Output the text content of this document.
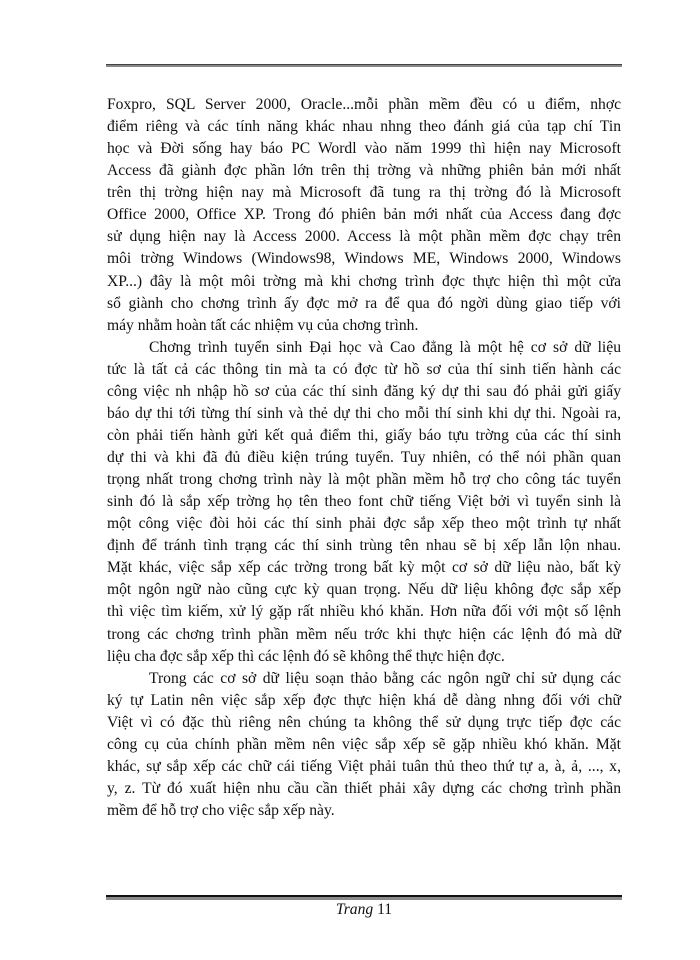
Foxpro, SQL Server 2000, Oracle...mỗi phần mềm đều có u điểm, nhợc
điểm riêng và các tính năng khác nhau nhng theo đánh giá của tạp chí Tin
học và Đời sống hay báo PC Wordl vào năm 1999 thì hiện nay Microsoft
Access đã giành đợc phần lớn trên thị trờng và những phiên bản mới nhất
trên thị trờng hiện nay mà Microsoft đã tung ra thị trờng đó là Microsoft
Office 2000, Office XP. Trong đó phiên bản mới nhất của Access đang đợc
sử dụng hiện nay là Access 2000. Access là một phần mềm đợc chạy trên
môi trờng Windows (Windows98, Windows ME, Windows 2000, Windows
XP...) đây là một môi trờng mà khi chơng trình đợc thực hiện thì một cửa
sổ giành cho chơng trình ấy đợc mở ra để qua đó ngời dùng giao tiếp với
máy nhằm hoàn tất các nhiệm vụ của chơng trình.
Chơng trình tuyển sinh Đại học và Cao đẳng là một hệ cơ sở dữ liệu
tức là tất cả các thông tin mà ta có đợc từ hồ sơ của thí sinh tiến hành các
công việc nh nhập hồ sơ của các thí sinh đăng ký dự thi sau đó phải gửi giấy
báo dự thi tới từng thí sinh và thẻ dự thi cho mỗi thí sinh khi dự thi. Ngoài ra,
còn phải tiến hành gửi kết quả điểm thi, giấy báo tựu trờng của các thí sinh
dự thi và khi đã đủ điều kiện trúng tuyển. Tuy nhiên, có thể nói phần quan
trọng nhất trong chơng trình này là một phần mềm hỗ trợ cho công tác tuyển
sinh đó là sắp xếp trờng họ tên theo font chữ tiếng Việt bởi vì tuyển sinh là
một công việc đòi hỏi các thí sinh phải đợc sắp xếp theo một trình tự nhất
định để tránh tình trạng các thí sinh trùng tên nhau sẽ bị xếp lẫn lộn nhau.
Mặt khác, việc sắp xếp các trờng trong bất kỳ một cơ sở dữ liệu nào, bất kỳ
một ngôn ngữ nào cũng cực kỳ quan trọng. Nếu dữ liệu không đợc sắp xếp
thì việc tìm kiếm, xử lý gặp rất nhiều khó khăn. Hơn nữa đối với một số lệnh
trong các chơng trình phần mềm nếu trớc khi thực hiện các lệnh đó mà dữ
liệu cha đợc sắp xếp thì các lệnh đó sẽ không thể thực hiện đợc.
Trong các cơ sở dữ liệu soạn thảo bằng các ngôn ngữ chỉ sử dụng các
ký tự Latin nên việc sắp xếp đợc thực hiện khá dễ dàng nhng đối với chữ
Việt vì có đặc thù riêng nên chúng ta không thể sử dụng trực tiếp đợc các
công cụ của chính phần mềm nên việc sắp xếp sẽ gặp nhiều khó khăn. Mặt
khác, sự sắp xếp các chữ cái tiếng Việt phải tuân thủ theo thứ tự a, à, ả, ..., x,
y, z. Từ đó xuất hiện nhu cầu cần thiết phải xây dựng các chơng trình phần
mềm để hỗ trợ cho việc sắp xếp này.
Trang 11
